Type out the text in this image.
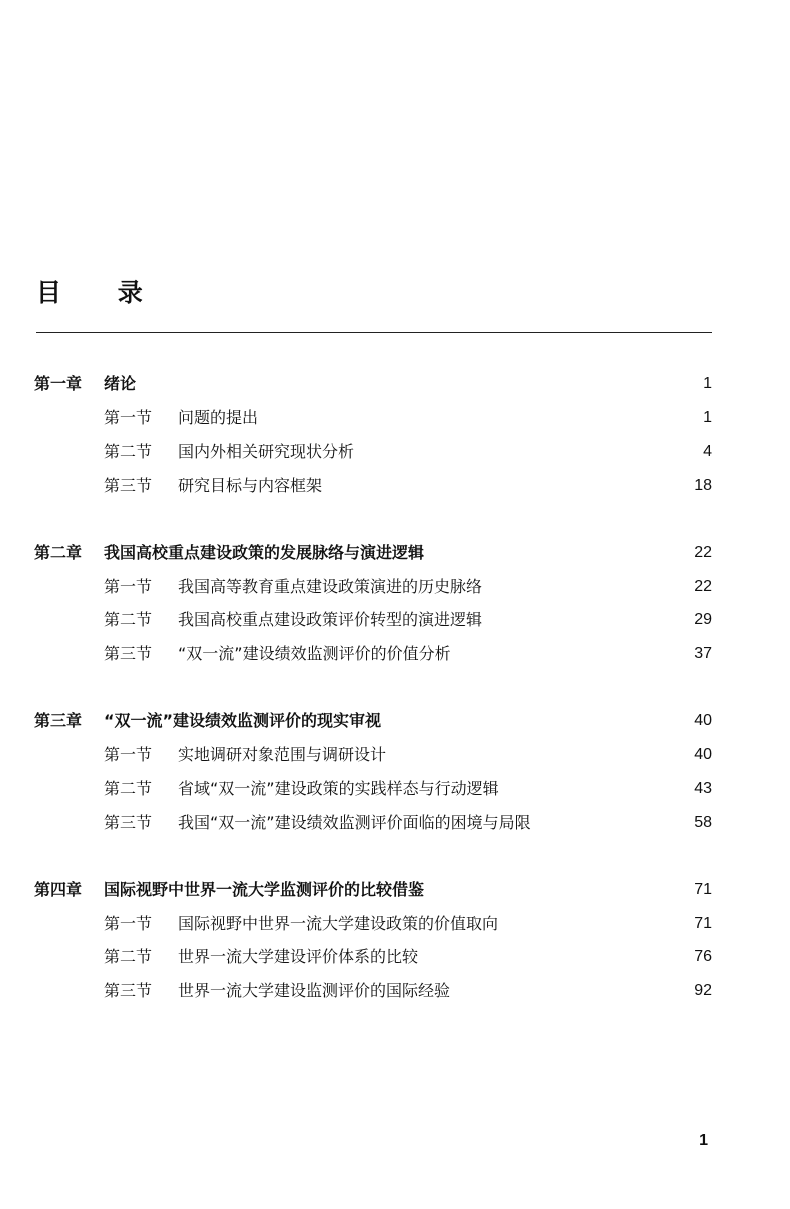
目 录
第一章 绪论	1
第一节 问题的提出	1
第二节 国内外相关研究现状分析	4
第三节 研究目标与内容框架	18
第二章 我国高校重点建设政策的发展脉络与演进逻辑	22
第一节 我国高等教育重点建设政策演进的历史脉络	22
第二节 我国高校重点建设政策评价转型的演进逻辑	29
第三节 “双一流”建设绩效监测评价的价值分析	37
第三章 “双一流”建设绩效监测评价的现实审视	40
第一节 实地调研对象范围与调研设计	40
第二节 省域“双一流”建设政策的实践样态与行动逻辑	43
第三节 我国“双一流”建设绩效监测评价面临的困境与局限	58
第四章 国际视野中世界一流大学监测评价的比较借鉴	71
第一节 国际视野中世界一流大学建设政策的价值取向	71
第二节 世界一流大学建设评价体系的比较	76
第三节 世界一流大学建设监测评价的国际经验	92
1
